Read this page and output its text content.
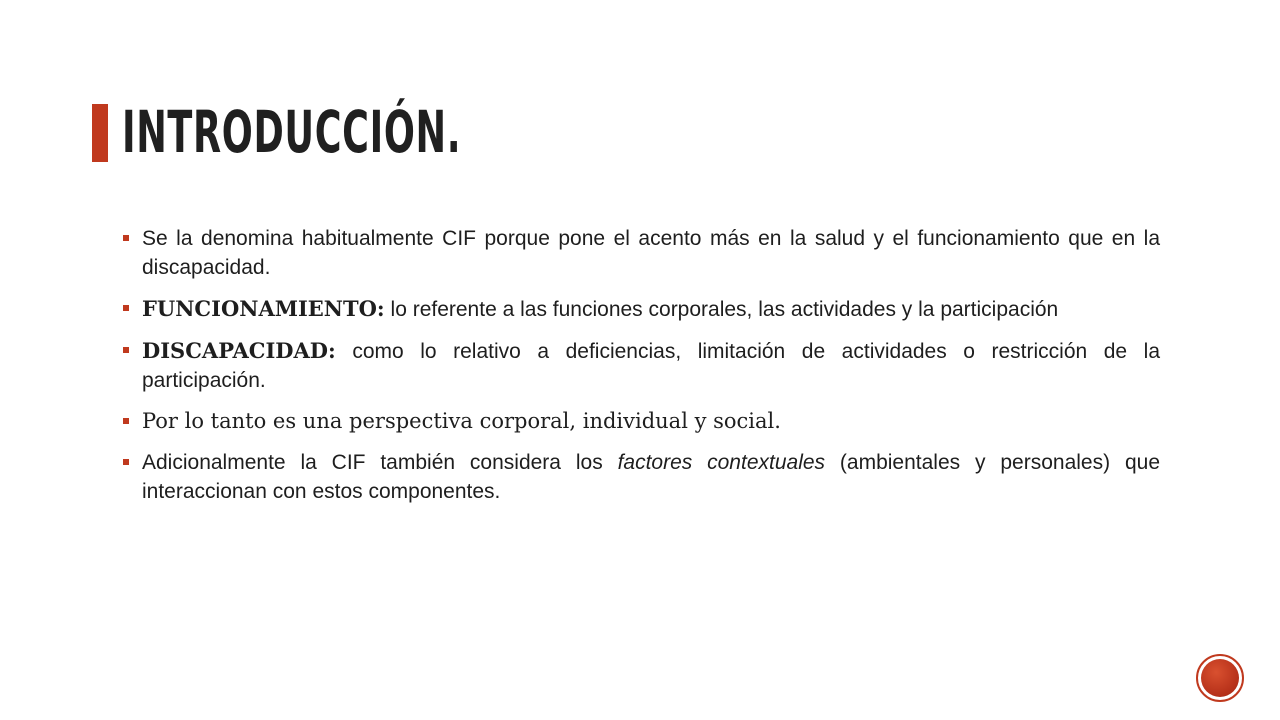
INTRODUCCIÓN.
Se la denomina habitualmente CIF porque pone el acento más en la salud y el funcionamiento que en la discapacidad.
FUNCIONAMIENTO: lo referente a las funciones corporales, las actividades y la participación
DISCAPACIDAD: como lo relativo a deficiencias, limitación de actividades o restricción de la participación.
Por lo tanto es una perspectiva corporal, individual y social.
Adicionalmente la CIF también considera los factores contextuales (ambientales y personales) que interaccionan con estos componentes.
